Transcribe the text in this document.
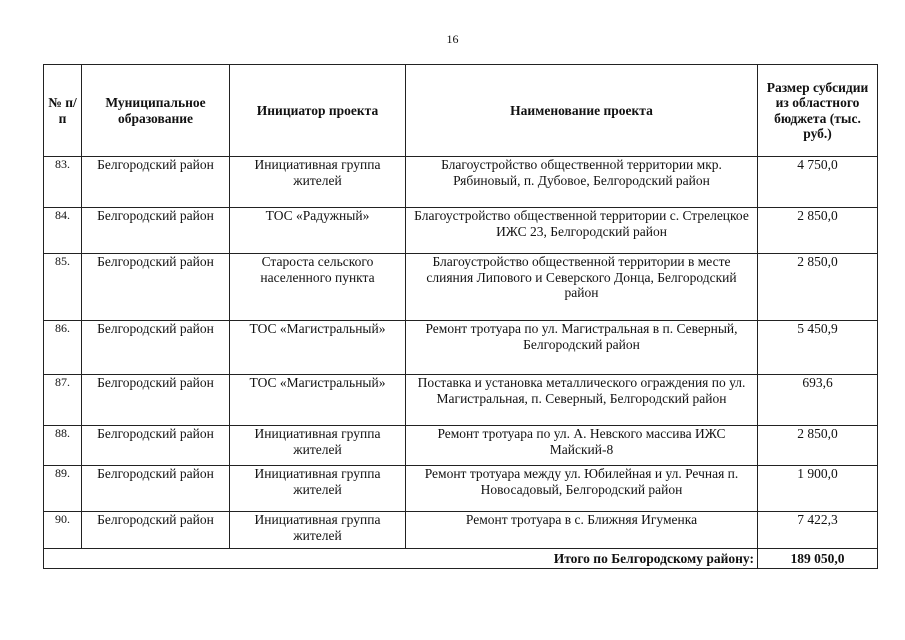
16
№ п/п	Муниципальное образование	Инициатор проекта	Наименование проекта	Размер субсидии из областного бюджета (тыс. руб.)
83.	Белгородский район	Инициативная группа жителей	Благоустройство общественной территории мкр. Рябиновый, п. Дубовое, Белгородский район	4 750,0
84.	Белгородский район	ТОС «Радужный»	Благоустройство общественной территории с. Стрелецкое ИЖС 23, Белгородский район	2 850,0
85.	Белгородский район	Староста сельского населенного пункта	Благоустройство общественной территории в месте слияния Липового и Северского Донца, Белгородский район	2 850,0
86.	Белгородский район	ТОС «Магистральный»	Ремонт тротуара по ул. Магистральная в п. Северный, Белгородский район	5 450,9
87.	Белгородский район	ТОС «Магистральный»	Поставка и установка металлического ограждения по ул. Магистральная, п. Северный, Белгородский район	693,6
88.	Белгородский район	Инициативная группа жителей	Ремонт тротуара по ул. А. Невского массива ИЖС Майский-8	2 850,0
89.	Белгородский район	Инициативная группа жителей	Ремонт тротуара между ул. Юбилейная и ул. Речная п. Новосадовый, Белгородский район	1 900,0
90.	Белгородский район	Инициативная группа жителей	Ремонт тротуара в с. Ближняя Игуменка	7 422,3
Итого по Белгородскому району:				189 050,0
